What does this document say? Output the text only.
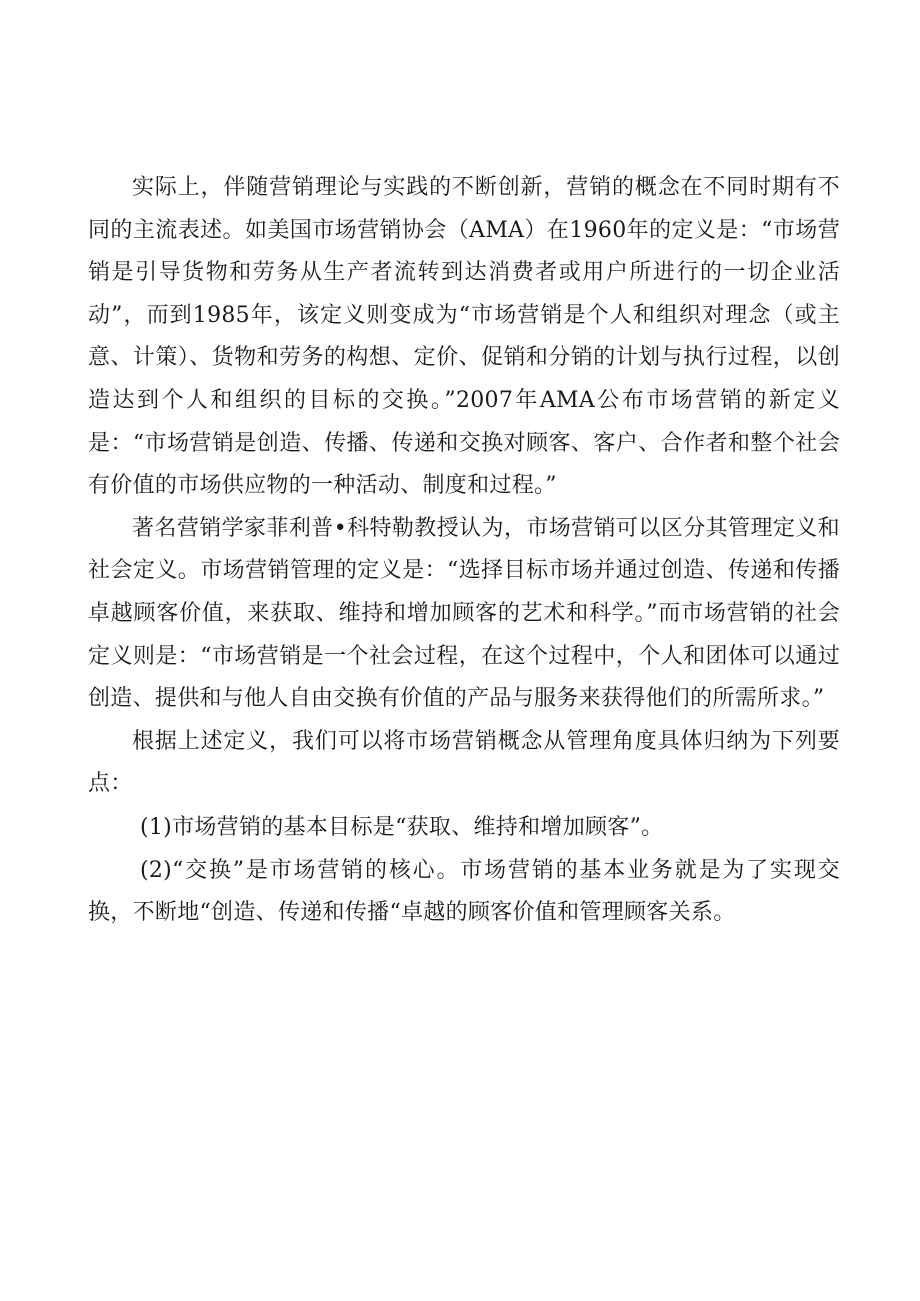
实际上，伴随营销理论与实践的不断创新，营销的概念在不同时期有不同的主流表述。如美国市场营销协会（AMA）在1960年的定义是：“市场营销是引导货物和劳务从生产者流转到达消费者或用户所进行的一切企业活动”，而到1985年，该定义则变成为“市场营销是个人和组织对理念（或主意、计策）、货物和劳务的构想、定价、促销和分销的计划与执行过程，以创造达到个人和组织的目标的交换。”2007年AMA公布市场营销的新定义是：“市场营销是创造、传播、传递和交换对顾客、客户、合作者和整个社会有价值的市场供应物的一种活动、制度和过程。”

著名营销学家菲利普•科特勒教授认为，市场营销可以区分其管理定义和社会定义。市场营销管理的定义是：“选择目标市场并通过创造、传递和传播卓越顾客价值，来获取、维持和增加顾客的艺术和科学。”而市场营销的社会定义则是：“市场营销是一个社会过程，在这个过程中，个人和团体可以通过创造、提供和与他人自由交换有价值的产品与服务来获得他们的所需所求。”

根据上述定义，我们可以将市场营销概念从管理角度具体归纳为下列要点：

(1)市场营销的基本目标是“获取、维持和增加顾客”。

(2)“交换”是市场营销的核心。市场营销的基本业务就是为了实现交换，不断地“创造、传递和传播“卓越的顾客价值和管理顾客关系。
